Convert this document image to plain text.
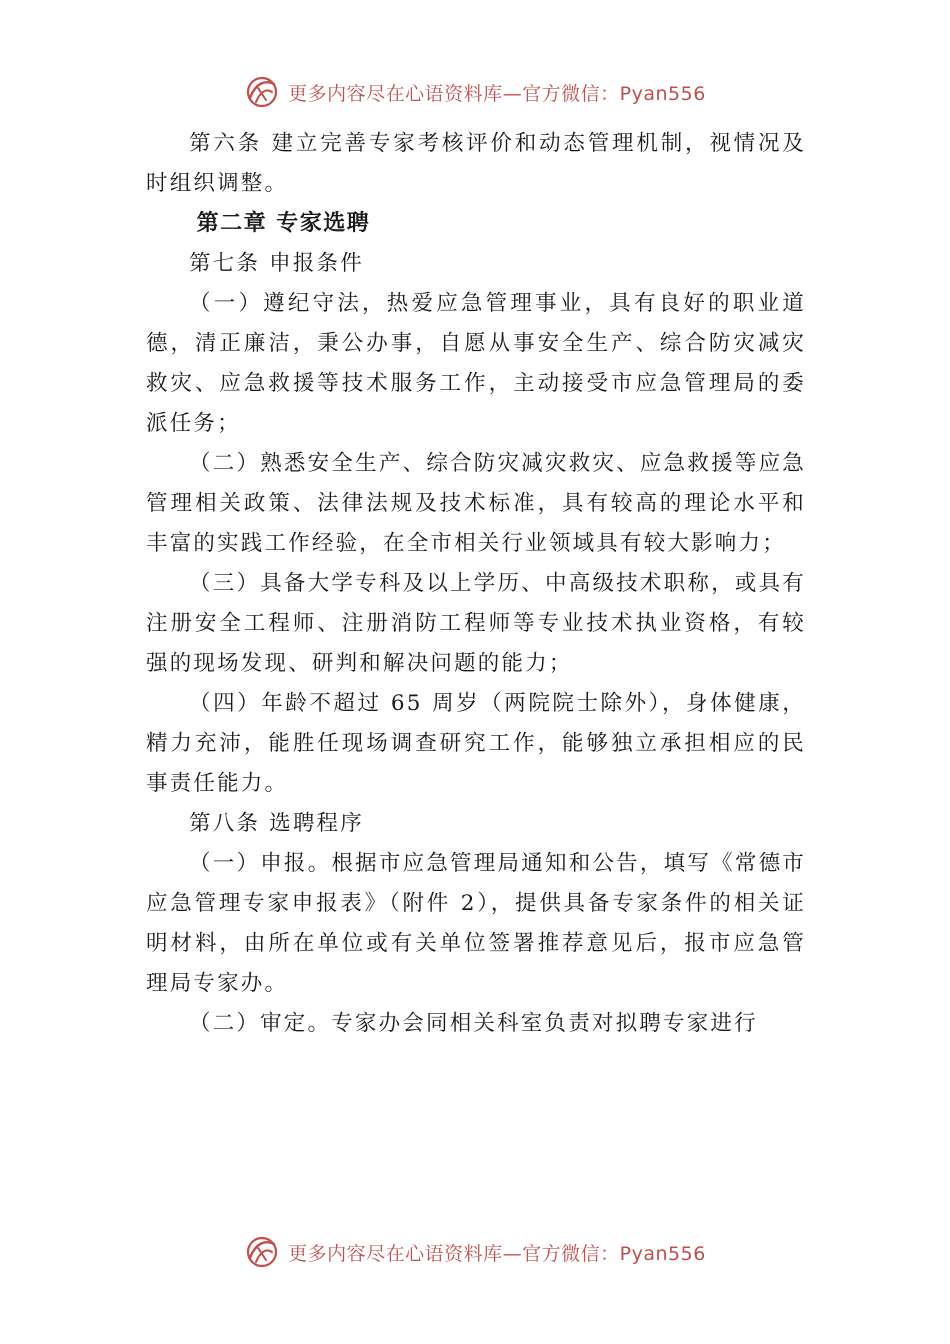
更多内容尽在心语资料库—官方微信：Pyan556

第六条 建立完善专家考核评价和动态管理机制，视情况及时组织调整。

第二章 专家选聘

第七条 申报条件

（一）遵纪守法，热爱应急管理事业，具有良好的职业道德，清正廉洁，秉公办事，自愿从事安全生产、综合防灾减灾救灾、应急救援等技术服务工作，主动接受市应急管理局的委派任务；

（二）熟悉安全生产、综合防灾减灾救灾、应急救援等应急管理相关政策、法律法规及技术标准，具有较高的理论水平和丰富的实践工作经验，在全市相关行业领域具有较大影响力；

（三）具备大学专科及以上学历、中高级技术职称，或具有注册安全工程师、注册消防工程师等专业技术执业资格，有较强的现场发现、研判和解决问题的能力；

（四）年龄不超过 65 周岁（两院院士除外），身体健康， 精力充沛，能胜任现场调查研究工作，能够独立承担相应的民事责任能力。

第八条 选聘程序

（一）申报。根据市应急管理局通知和公告，填写《常德市应急管理专家申报表》（附件 2），提供具备专家条件的相关证明材料，由所在单位或有关单位签署推荐意见后，报市应急管理局专家办。

（二）审定。专家办会同相关科室负责对拟聘专家进行

更多内容尽在心语资料库—官方微信：Pyan556
